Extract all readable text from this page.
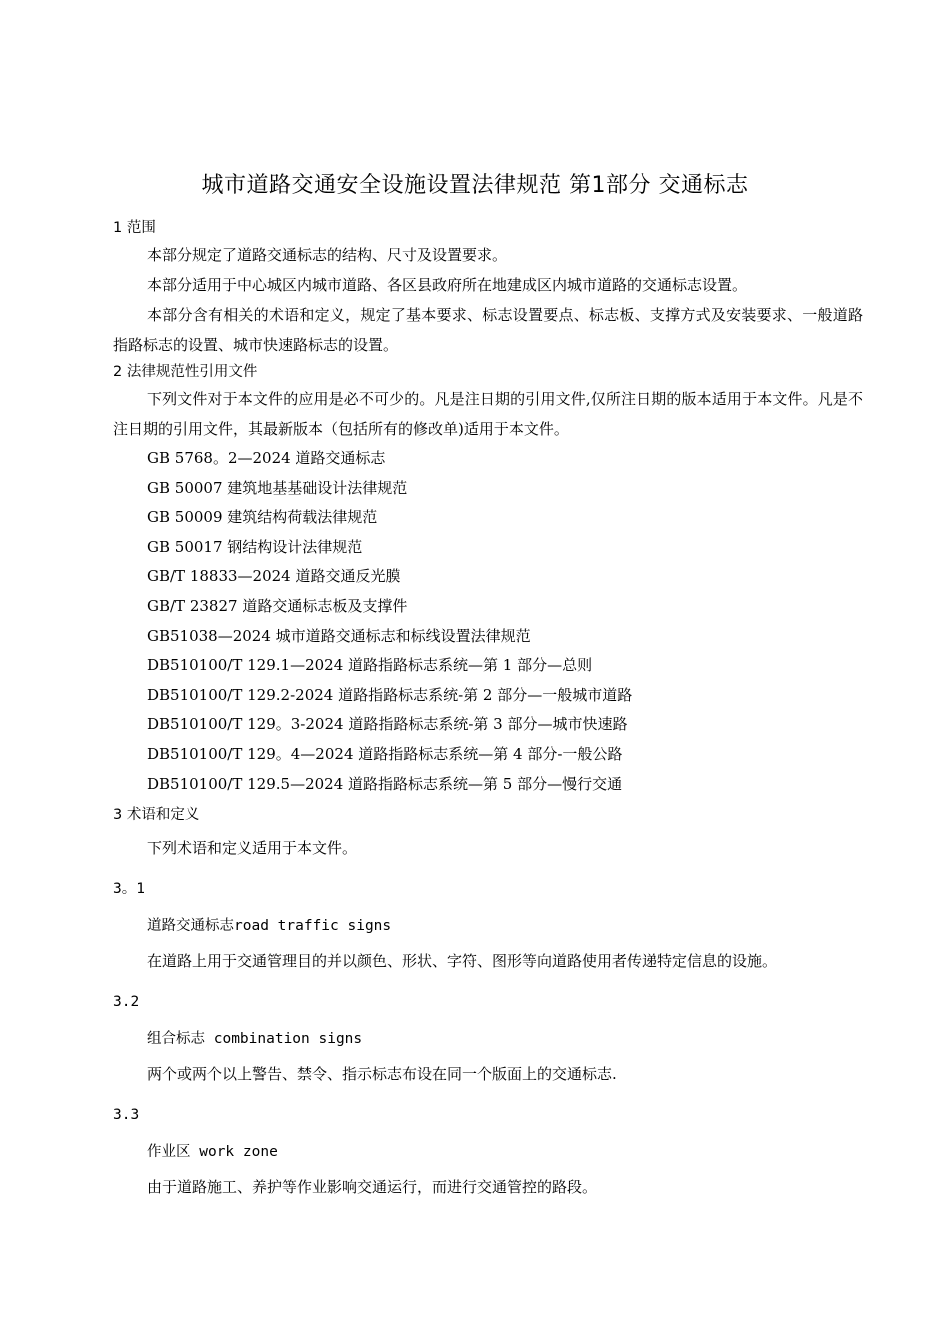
城市道路交通安全设施设置法律规范 第1部分 交通标志

1 范围

本部分规定了道路交通标志的结构、尺寸及设置要求。

本部分适用于中心城区内城市道路、各区县政府所在地建成区内城市道路的交通标志设置。

本部分含有相关的术语和定义，规定了基本要求、标志设置要点、标志板、支撑方式及安装要求、一般道路指路标志的设置、城市快速路标志的设置。

2 法律规范性引用文件

下列文件对于本文件的应用是必不可少的。凡是注日期的引用文件,仅所注日期的版本适用于本文件。凡是不注日期的引用文件，其最新版本（包括所有的修改单)适用于本文件。

GB 5768。2—2024 道路交通标志

GB 50007 建筑地基基础设计法律规范

GB 50009 建筑结构荷载法律规范

GB 50017 钢结构设计法律规范

GB/T 18833—2024 道路交通反光膜

GB/T 23827 道路交通标志板及支撑件

GB51038—2024 城市道路交通标志和标线设置法律规范

DB510100/T 129.1—2024 道路指路标志系统—第 1 部分—总则

DB510100/T 129.2-2024 道路指路标志系统-第 2 部分—一般城市道路

DB510100/T 129。3-2024 道路指路标志系统-第 3 部分—城市快速路

DB510100/T 129。4—2024 道路指路标志系统—第 4 部分-一般公路

DB510100/T 129.5—2024 道路指路标志系统—第 5 部分—慢行交通

3 术语和定义

下列术语和定义适用于本文件。

3。1

道路交通标志road traffic signs

在道路上用于交通管理目的并以颜色、形状、字符、图形等向道路使用者传递特定信息的设施。

3.2

组合标志 combination signs

两个或两个以上警告、禁令、指示标志布设在同一个版面上的交通标志.

3.3

作业区 work zone

由于道路施工、养护等作业影响交通运行，而进行交通管控的路段。
